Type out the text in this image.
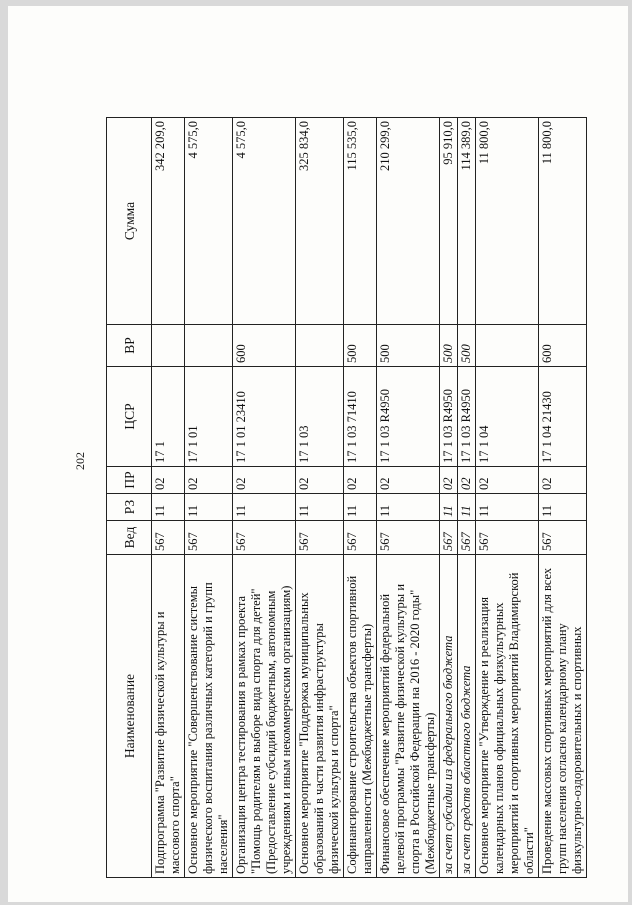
202
Наименование	Вед	РЗ	ПР	ЦСР	ВР	Сумма
Подпрограмма "Развитие физической культуры и массового спорта"	567	11	02	17 1		342 209,0
Основное мероприятие "Совершенствование системы физического воспитания различных категорий и групп населения"	567	11	02	17 1 01		4 575,0
Организация центра тестирования в рамках проекта "Помощь родителям в выборе вида спорта для детей" (Предоставление субсидий бюджетным, автономным учреждениям и иным некоммерческим организациям)	567	11	02	17 1 01 23410	600	4 575,0
Основное мероприятие "Поддержка муниципальных образований в части развития инфраструктуры физической культуры и спорта"	567	11	02	17 1 03		325 834,0
Софинансирование строительства объектов спортивной направленности (Межбюджетные трансферты)	567	11	02	17 1 03 71410	500	115 535,0
Финансовое обеспечение мероприятий федеральной целевой программы "Развитие физической культуры и спорта в Российской Федерации на 2016 - 2020 годы" (Межбюджетные трансферты)	567	11	02	17 1 03 R4950	500	210 299,0
за счет субсидии из федерального бюджета	567	11	02	17 1 03 R4950	500	95 910,0
за счет средств областного бюджета	567	11	02	17 1 03 R4950	500	114 389,0
Основное мероприятие "Утверждение и реализация календарных планов официальных физкультурных мероприятий и спортивных мероприятий Владимирской области"	567	11	02	17 1 04		11 800,0
Проведение массовых спортивных мероприятий для всех групп населения согласно календарному плану физкультурно-оздоровительных и спортивных	567	11	02	17 1 04 21430	600	11 800,0
